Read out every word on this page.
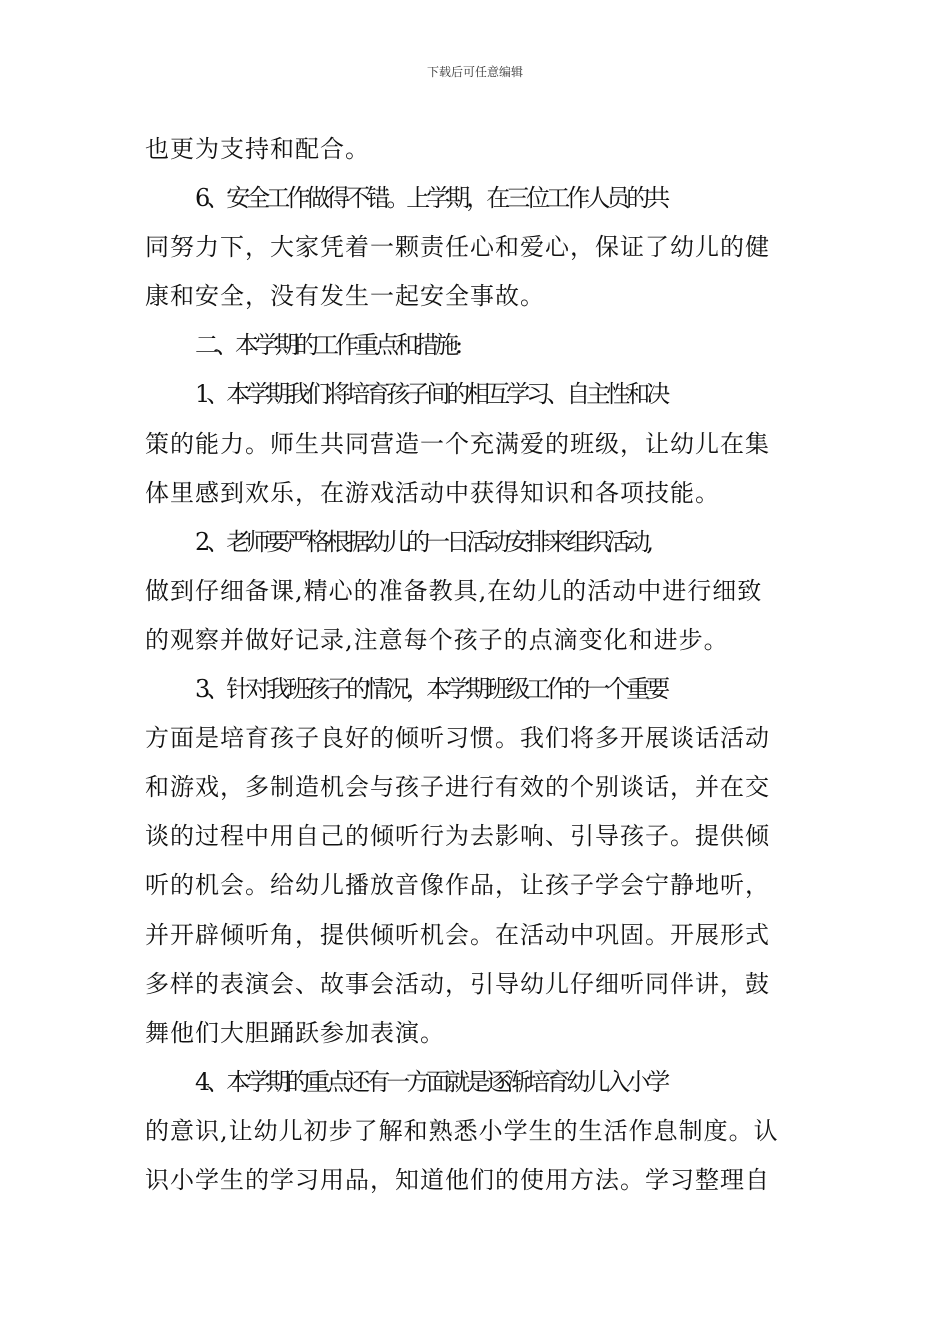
下载后可任意编辑
也更为支持和配合。
6、安全工作做得不错。上学期，在三位工作人员的共
同努力下，大家凭着一颗责任心和爱心，保证了幼儿的健
康和安全，没有发生一起安全事故。
二、本学期的工作重点和措施:
1、本学期我们将培育孩子间的相互学习、自主性和决
策的能力。师生共同营造一个充满爱的班级，让幼儿在集
体里感到欢乐，在游戏活动中获得知识和各项技能。
2、老师要严格根据幼儿的一日活动安排来组织活动,
做到仔细备课,精心的准备教具,在幼儿的活动中进行细致
的观察并做好记录,注意每个孩子的点滴变化和进步。
3、针对我班孩子的情况，本学期班级工作的一个重要
方面是培育孩子良好的倾听习惯。我们将多开展谈话活动
和游戏，多制造机会与孩子进行有效的个别谈话，并在交
谈的过程中用自己的倾听行为去影响、引导孩子。提供倾
听的机会。给幼儿播放音像作品，让孩子学会宁静地听，
并开辟倾听角，提供倾听机会。在活动中巩固。开展形式
多样的表演会、故事会活动，引导幼儿仔细听同伴讲，鼓
舞他们大胆踊跃参加表演。
4、本学期的重点还有一方面就是逐渐培育幼儿入小学
的意识,让幼儿初步了解和熟悉小学生的生活作息制度。认
识小学生的学习用品，知道他们的使用方法。学习整理自
